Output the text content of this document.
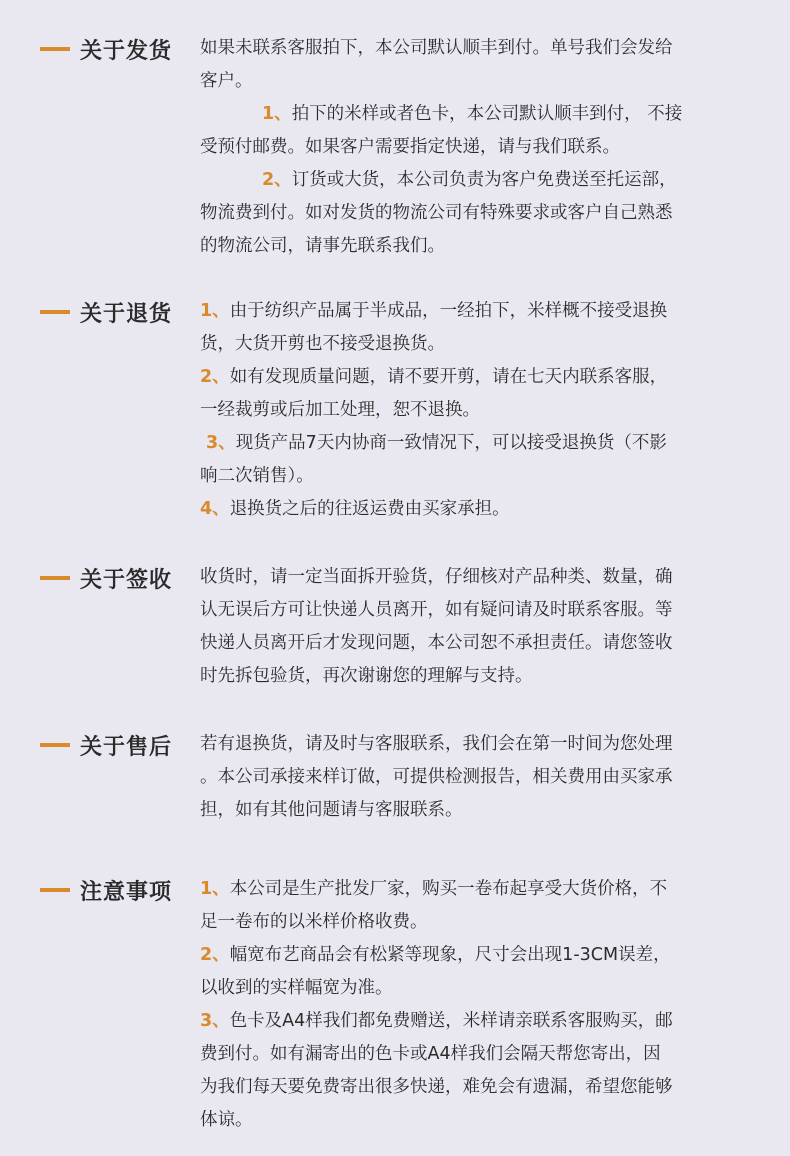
关于发货 如果未联系客服拍下，本公司默认顺丰到付。单号我们会发给
客户。
1、拍下的米样或者色卡，本公司默认顺丰到付， 不接
受预付邮费。如果客户需要指定快递，请与我们联系。
2、订货或大货，本公司负责为客户免费送至托运部，
物流费到付。如对发货的物流公司有特殊要求或客户自己熟悉
的物流公司，请事先联系我们。
关于退货 1、由于纺织产品属于半成品，一经拍下，米样概不接受退换
货，大货开剪也不接受退换货。
2、如有发现质量问题，请不要开剪，请在七天内联系客服，
一经裁剪或后加工处理，恕不退换。
3、现货产品7天内协商一致情况下，可以接受退换货（不影
响二次销售）。
4、退换货之后的往返运费由买家承担。
关于签收 收货时，请一定当面拆开验货，仔细核对产品种类、数量，确
认无误后方可让快递人员离开，如有疑问请及时联系客服。等
快递人员离开后才发现问题，本公司恕不承担责任。请您签收
时先拆包验货，再次谢谢您的理解与支持。
关于售后 若有退换货，请及时与客服联系，我们会在第一时间为您处理
。本公司承接来样订做，可提供检测报告，相关费用由买家承
担，如有其他问题请与客服联系。
注意事项 1、本公司是生产批发厂家，购买一卷布起享受大货价格，不
足一卷布的以米样价格收费。
2、幅宽布艺商品会有松紧等现象，尺寸会出现1-3CM误差，
以收到的实样幅宽为准。
3、色卡及A4样我们都免费赠送，米样请亲联系客服购买，邮
费到付。如有漏寄出的色卡或A4样我们会隔天帮您寄出，因
为我们每天要免费寄出很多快递，难免会有遗漏，希望您能够
体谅。
